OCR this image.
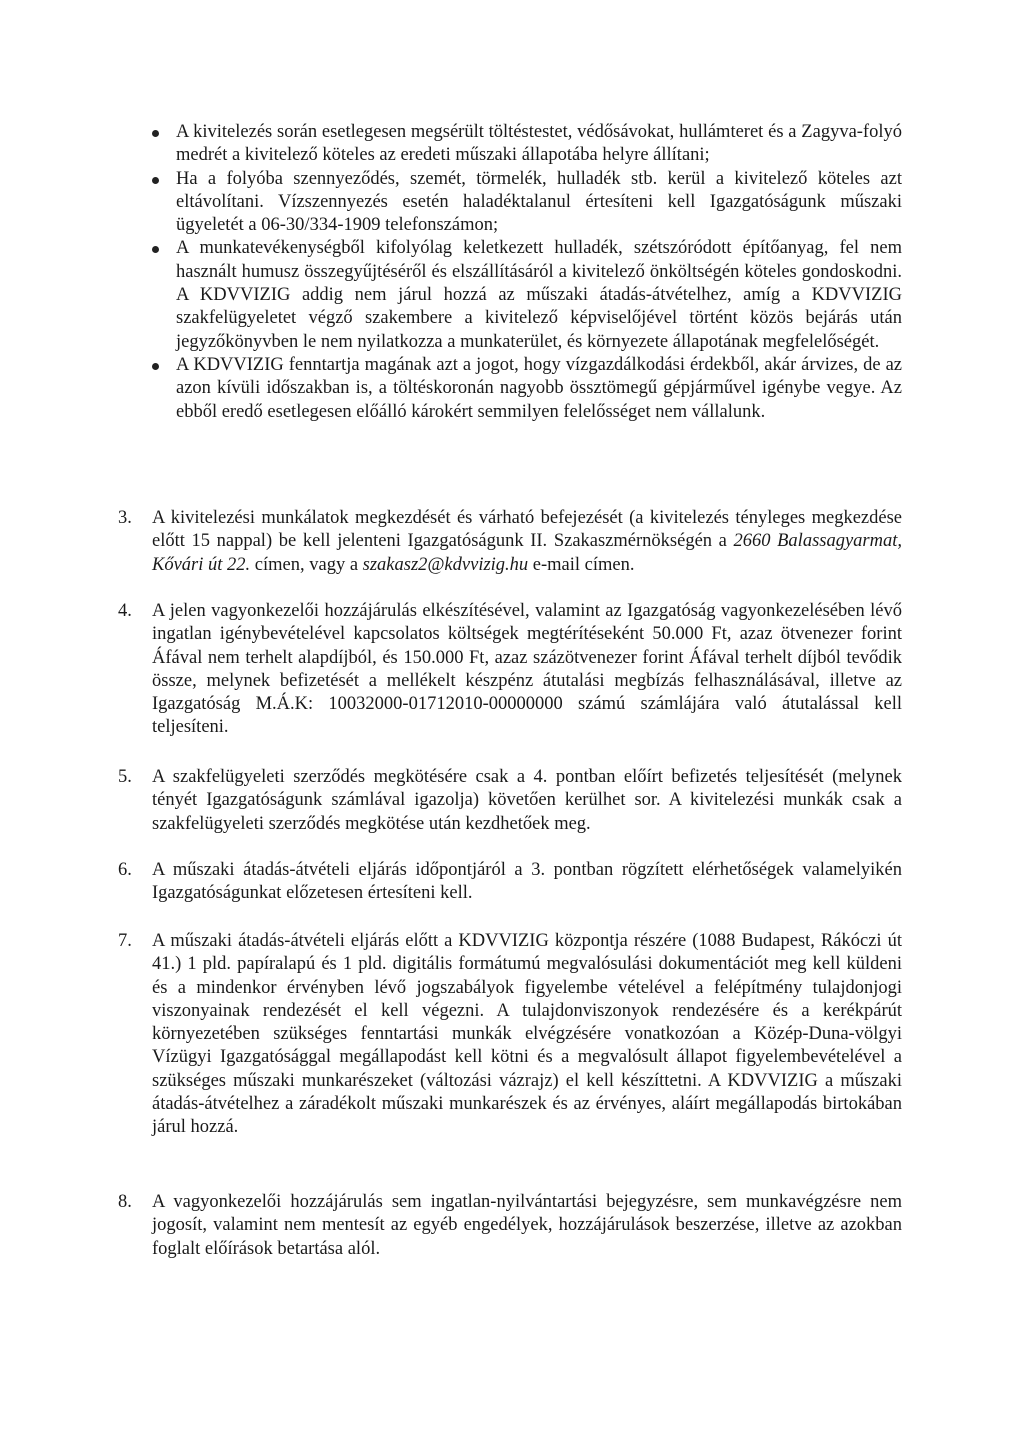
A kivitelezés során esetlegesen megsérült töltéstestet, védősávokat, hullámteret és a Zagyva-folyó medrét a kivitelező köteles az eredeti műszaki állapotába helyre állítani;
Ha a folyóba szennyeződés, szemét, törmelék, hulladék stb. kerül a kivitelező köteles azt eltávolítani. Vízszennyezés esetén haladéktalanul értesíteni kell Igazgatóságunk műszaki ügyeletét a 06-30/334-1909 telefonszámon;
A munkatevékenységből kifolyólag keletkezett hulladék, szétszóródott építőanyag, fel nem használt humusz összegyűjtéséről és elszállításáról a kivitelező önköltségén köteles gondoskodni. A KDVVIZIG addig nem járul hozzá az műszaki átadás-átvételhez, amíg a KDVVIZIG szakfelügyeletet végző szakembere a kivitelező képviselőjével történt közös bejárás után jegyzőkönyvben le nem nyilatkozza a munkaterület, és környezete állapotának megfelelőségét.
A KDVVIZIG fenntartja magának azt a jogot, hogy vízgazdálkodási érdekből, akár árvizes, de az azon kívüli időszakban is, a töltéskoronán nagyobb össztömegű gépjárművel igénybe vegye. Az ebből eredő esetlegesen előálló károkért semmilyen felelősséget nem vállalunk.
3.	A kivitelezési munkálatok megkezdését és várható befejezését (a kivitelezés tényleges megkezdése előtt 15 nappal) be kell jelenteni Igazgatóságunk II. Szakaszmérnökségén a 2660 Balassagyarmat, Kővári út 22. címen, vagy a szakasz2@kdvvizig.hu e-mail címen.
4.	A jelen vagyonkezelői hozzájárulás elkészítésével, valamint az Igazgatóság vagyonkezelésében lévő ingatlan igénybevételével kapcsolatos költségek megtérítéseként 50.000 Ft, azaz ötvenezer forint Áfával nem terhelt alapdíjból, és 150.000 Ft, azaz százötvenezer forint Áfával terhelt díjból tevődik össze, melynek befizetését a mellékelt készpénz átutalási megbízás felhasználásával, illetve az Igazgatóság M.Á.K: 10032000-01712010-00000000 számú számlájára való átutalással kell teljesíteni.
5.	A szakfelügyeleti szerződés megkötésére csak a 4. pontban előírt befizetés teljesítését (melynek tényét Igazgatóságunk számlával igazolja) követően kerülhet sor. A kivitelezési munkák csak a szakfelügyeleti szerződés megkötése után kezdhetőek meg.
6.	A műszaki átadás-átvételi eljárás időpontjáról a 3. pontban rögzített elérhetőségek valamelyikén Igazgatóságunkat előzetesen értesíteni kell.
7.	A műszaki átadás-átvételi eljárás előtt a KDVVIZIG központja részére (1088 Budapest, Rákóczi út 41.) 1 pld. papíralapú és 1 pld. digitális formátumú megvalósulási dokumentációt meg kell küldeni és a mindenkor érvényben lévő jogszabályok figyelembe vételével a felépítmény tulajdonjogi viszonyainak rendezését el kell végezni. A tulajdonviszonyok rendezésére és a kerékpárút környezetében szükséges fenntartási munkák elvégzésére vonatkozóan a Közép-Duna-völgyi Vízügyi Igazgatósággal megállapodást kell kötni és a megvalósult állapot figyelembevételével a szükséges műszaki munkarészeket (változási vázrajz) el kell készíttetni. A KDVVIZIG a műszaki átadás-átvételhez a záradékolt műszaki munkarészek és az érvényes, aláírt megállapodás birtokában járul hozzá.
8.	A vagyonkezelői hozzájárulás sem ingatlan-nyilvántartási bejegyzésre, sem munkavégzésre nem jogosít, valamint nem mentesít az egyéb engedélyek, hozzájárulások beszerzése, illetve az azokban foglalt előírások betartása alól.
